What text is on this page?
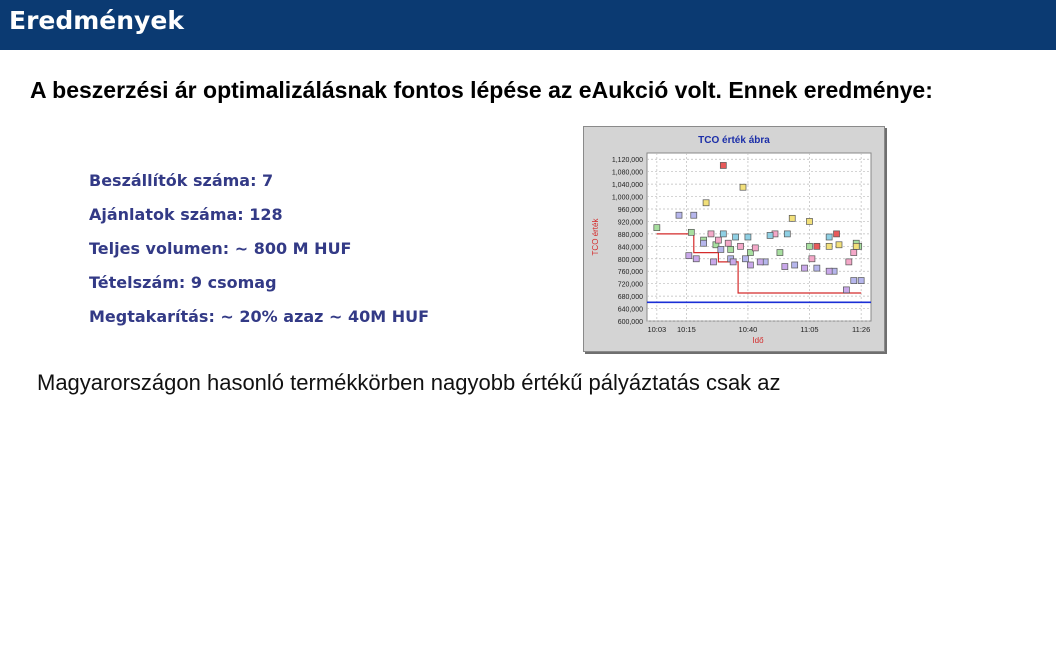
Eredmények
A beszerzési ár optimalizálásnak fontos lépése az eAukció volt. Ennek eredménye:
Beszállítók száma: 7
Ajánlatok száma: 128
Teljes volumen: ~ 800 M HUF
Tételszám: 9 csomag
Megtakarítás: ~ 20% azaz ~ 40M HUF
TCO érték ábra
TCO érték
Idő
600,000
640,000
680,000
720,000
760,000
800,000
840,000
880,000
920,000
960,000
1,000,000
1,040,000
1,080,000
1,120,000
10:03 10:15	10:40	11:05	11:26
Magyarországon hasonló termékkörben nagyobb értékű pályáztatás csak az
